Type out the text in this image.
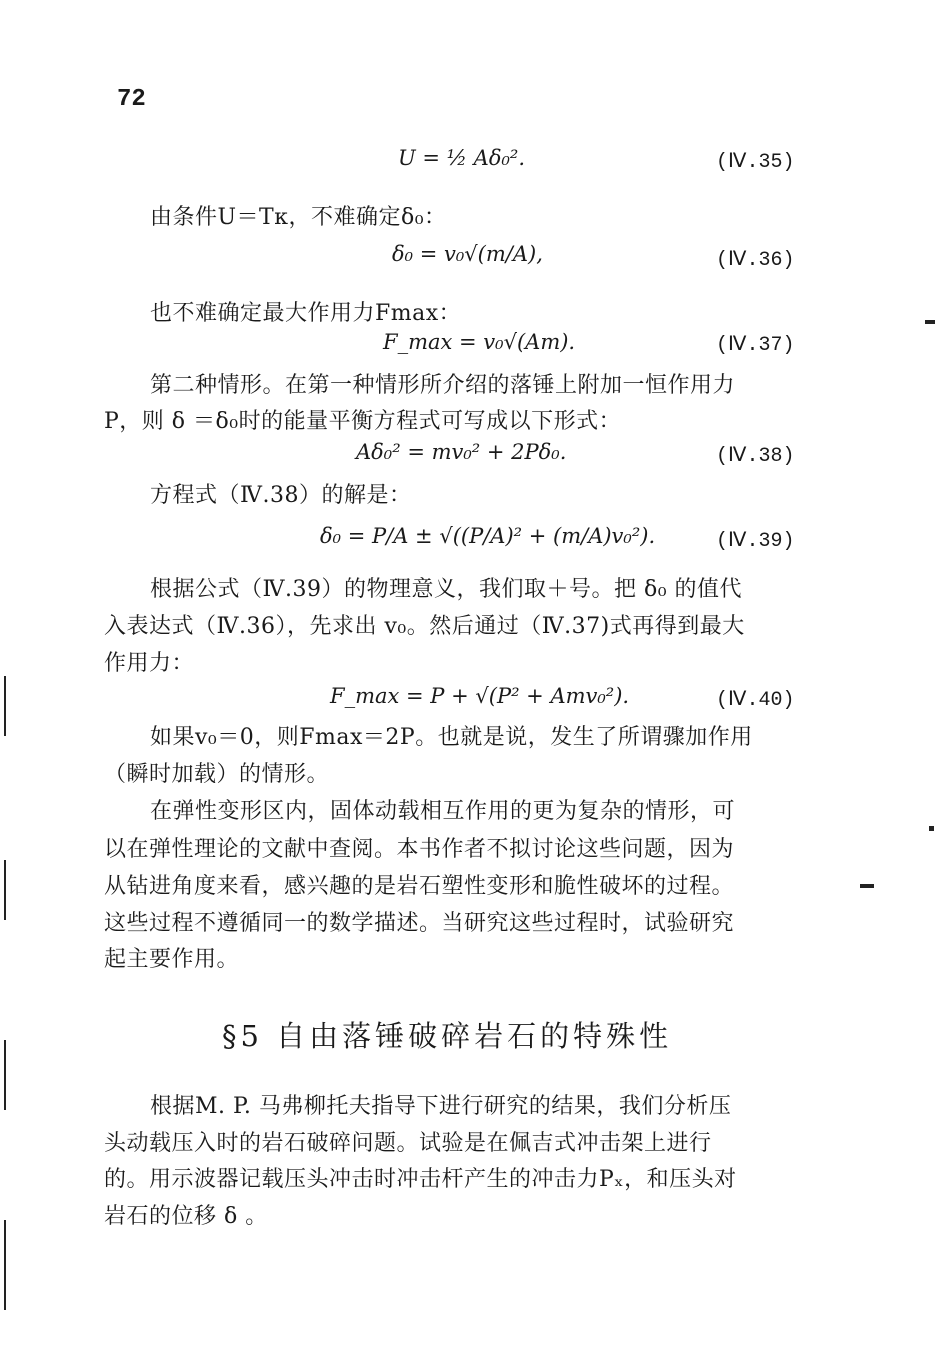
72
U = ½ Aδ₀².	(Ⅳ.35)
由条件U＝Tк，不难确定δ₀：
δ₀ = v₀√(m/A),	(Ⅳ.36)
也不难确定最大作用力Fmax：
F_max = v₀√(Am).	(Ⅳ.37)
第二种情形。在第一种情形所介绍的落锤上附加一恒作用力
P，则 δ ＝δ₀时的能量平衡方程式可写成以下形式：
Aδ₀² = mv₀² + 2Pδ₀.	(Ⅳ.38)
方程式（Ⅳ.38）的解是：
δ₀ = P/A ± √((P/A)² + (m/A)v₀²).	(Ⅳ.39)
根据公式（Ⅳ.39）的物理意义，我们取＋号。把 δ₀ 的值代
入表达式（Ⅳ.36），先求出 v₀。然后通过（Ⅳ.37)式再得到最大
作用力：
F_max = P + √(P² + Amv₀²).	(Ⅳ.40)
如果v₀＝0，则Fmax＝2P。也就是说，发生了所谓骤加作用
（瞬时加载）的情形。
在弹性变形区内，固体动载相互作用的更为复杂的情形，可
以在弹性理论的文献中查阅。本书作者不拟讨论这些问题，因为
从钻进角度来看，感兴趣的是岩石塑性变形和脆性破坏的过程。
这些过程不遵循同一的数学描述。当研究这些过程时，试验研究
起主要作用。
§5 自由落锤破碎岩石的特殊性
根据M. P. 马弗柳托夫指导下进行研究的结果，我们分析压
头动载压入时的岩石破碎问题。试验是在佩吉式冲击架上进行
的。用示波器记载压头冲击时冲击杆产生的冲击力Pₓ，和压头对
岩石的位移 δ 。
